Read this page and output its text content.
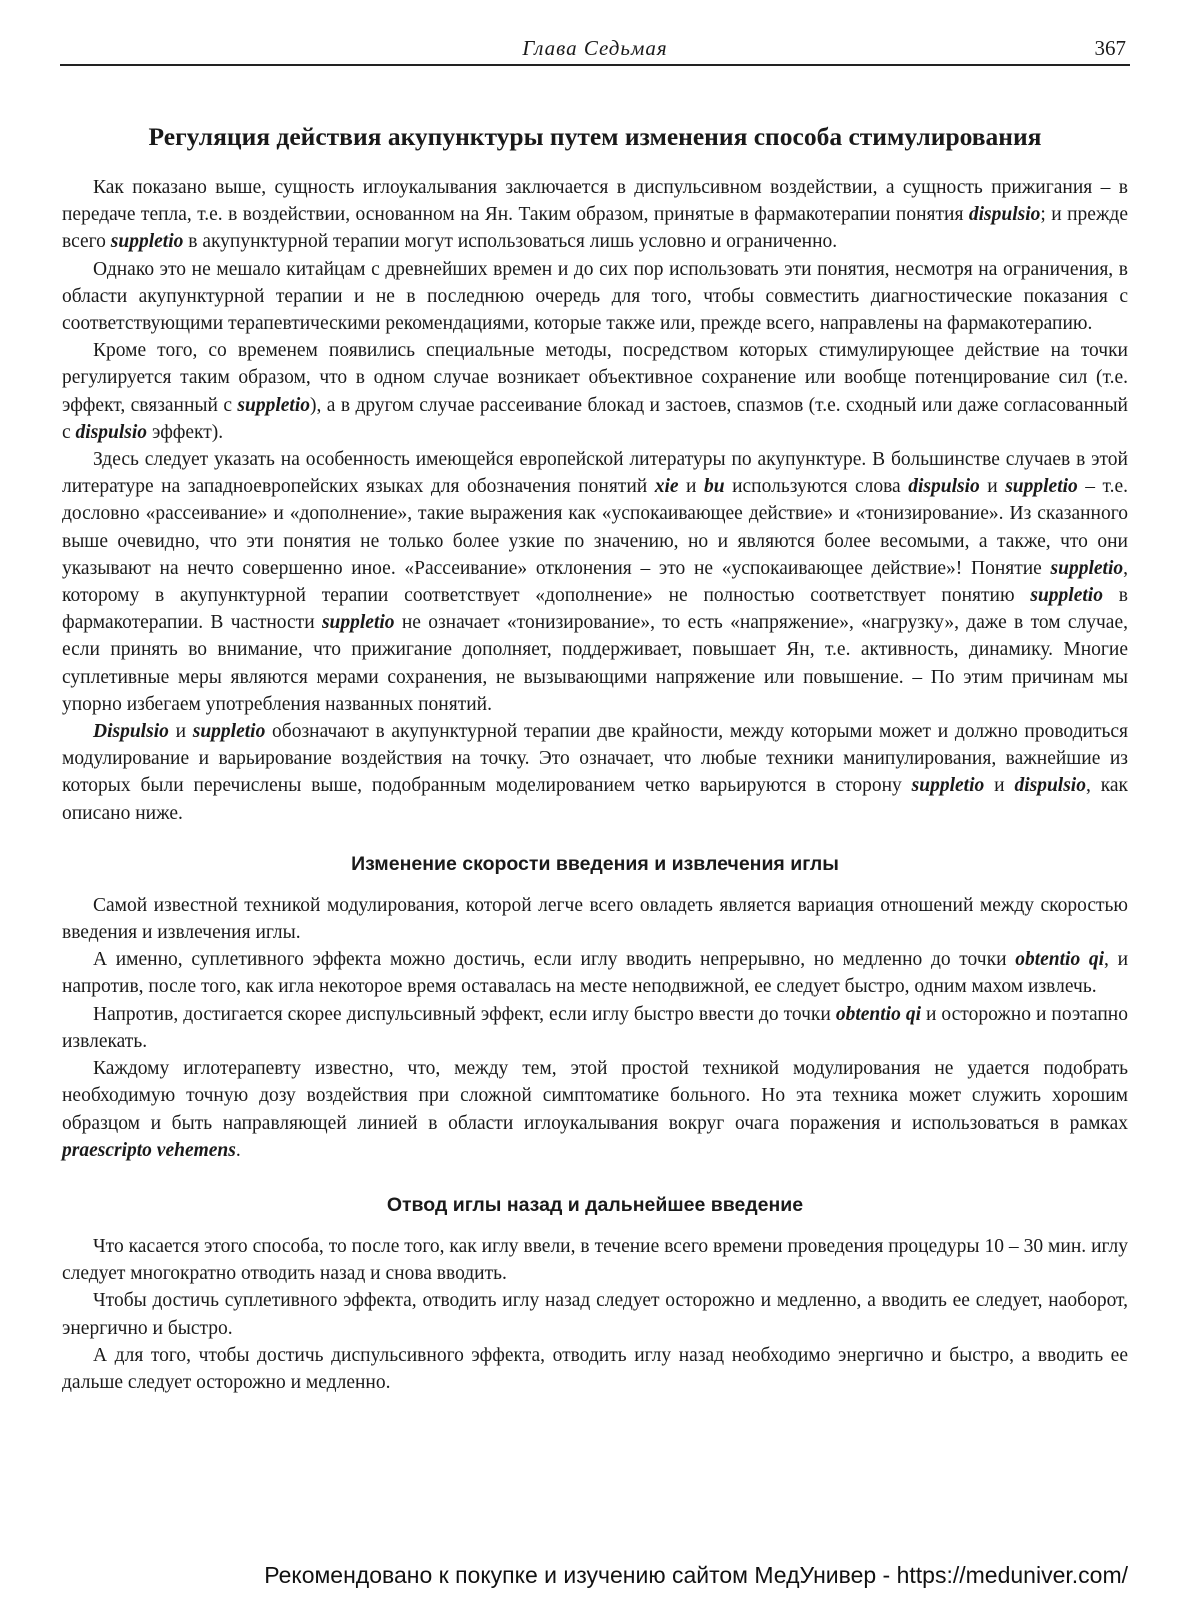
Глава Седьмая	367
Регуляция действия акупунктуры путем изменения способа стимулирования

Как показано выше, сущность иглоукалывания заключается в диспульсивном воздействии, а сущность прижигания – в передаче тепла, т.е. в воздействии, основанном на Ян. Таким образом, принятые в фармакотерапии понятия dispulsio; и прежде всего suppletio в акупунктурной терапии могут использоваться лишь условно и ограниченно.

Однако это не мешало китайцам с древнейших времен и до сих пор использовать эти понятия, несмотря на ограничения, в области акупунктурной терапии и не в последнюю очередь для того, чтобы совместить диагностические показания с соответствующими терапевтическими рекомендациями, которые также или, прежде всего, направлены на фармакотерапию.

Кроме того, со временем появились специальные методы, посредством которых стимулирующее действие на точки регулируется таким образом, что в одном случае возникает объективное сохранение или вообще потенцирование сил (т.е. эффект, связанный с suppletio), а в другом случае рассеивание блокад и застоев, спазмов (т.е. сходный или даже согласованный с dispulsio эффект).

Здесь следует указать на особенность имеющейся европейской литературы по акупунктуре. В большинстве случаев в этой литературе на западноевропейских языках для обозначения понятий xie и bu используются слова dispulsio и suppletio – т.е. дословно «рассеивание» и «дополнение», такие выражения как «успокаивающее действие» и «тонизирование». Из сказанного выше очевидно, что эти понятия не только более узкие по значению, но и являются более весомыми, а также, что они указывают на нечто совершенно иное. «Рассеивание» отклонения – это не «успокаивающее действие»! Понятие suppletio, которому в акупунктурной терапии соответствует «дополнение» не полностью соответствует понятию suppletio в фармакотерапии. В частности suppletio не означает «тонизирование», то есть «напряжение», «нагрузку», даже в том случае, если принять во внимание, что прижигание дополняет, поддерживает, повышает Ян, т.е. активность, динамику. Многие суплетивные меры являются мерами сохранения, не вызывающими напряжение или повышение. – По этим причинам мы упорно избегаем употребления названных понятий.

Dispulsio и suppletio обозначают в акупунктурной терапии две крайности, между которыми может и должно проводиться модулирование и варьирование воздействия на точку. Это означает, что любые техники манипулирования, важнейшие из которых были перечислены выше, подобранным моделированием четко варьируются в сторону suppletio и dispulsio, как описано ниже.

Изменение скорости введения и извлечения иглы

Самой известной техникой модулирования, которой легче всего овладеть является вариация отношений между скоростью введения и извлечения иглы.

А именно, суплетивного эффекта можно достичь, если иглу вводить непрерывно, но медленно до точки obtentio qi, и напротив, после того, как игла некоторое время оставалась на месте неподвижной, ее следует быстро, одним махом извлечь.

Напротив, достигается скорее диспульсивный эффект, если иглу быстро ввести до точки obtentio qi и осторожно и поэтапно извлекать.

Каждому иглотерапевту известно, что, между тем, этой простой техникой модулирования не удается подобрать необходимую точную дозу воздействия при сложной симптоматике больного. Но эта техника может служить хорошим образцом и быть направляющей линией в области иглоукалывания вокруг очага поражения и использоваться в рамках praescripto vehemens.

Отвод иглы назад и дальнейшее введение

Что касается этого способа, то после того, как иглу ввели, в течение всего времени проведения процедуры 10 – 30 мин. иглу следует многократно отводить назад и снова вводить.

Чтобы достичь суплетивного эффекта, отводить иглу назад следует осторожно и медленно, а вводить ее следует, наоборот, энергично и быстро.

А для того, чтобы достичь диспульсивного эффекта, отводить иглу назад необходимо энергично и быстро, а вводить ее дальше следует осторожно и медленно.

Рекомендовано к покупке и изучению сайтом МедУнивер - https://meduniver.com/
